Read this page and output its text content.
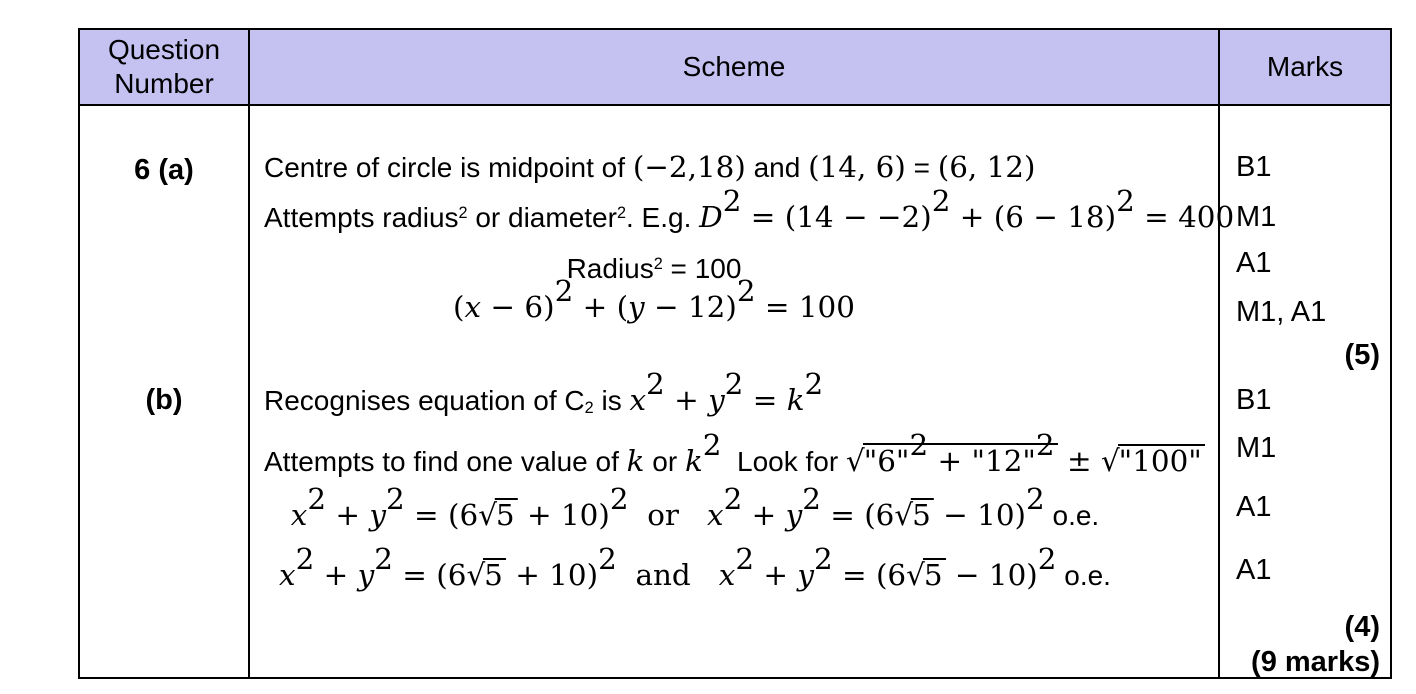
Question Number
Scheme	Marks
6 (a)
(b)
Centre of circle is midpoint of (−2,18) and (14, 6) = (6, 12)
Attempts radius$^2$ or diameter$^2$. E.g. $D^2 = (14 - -2)^2 + (6 - 18)^2 = 400$
Radius$^2$ = 100
$(x - 6)^2 + (y - 12)^2 = 100$
Recognises equation of $C_2$ is $x^2 + y^2 = k^2$
Attempts to find one value of k or $k^2$  Look for √"6"$^2$ + "12"$^2$ ± √"100"
$x^2 + y^2 = (6√5 + 10)^2$  or   $x^2 + y^2 = (6√5 - 10)^2$ o.e.
$x^2 + y^2 = (6√5 + 10)^2$  and   $x^2 + y^2 = (6√5 - 10)^2$ o.e.
B1
M1
A1
M1, A1
(5)
B1
M1
A1
A1
(4)
(9 marks)
